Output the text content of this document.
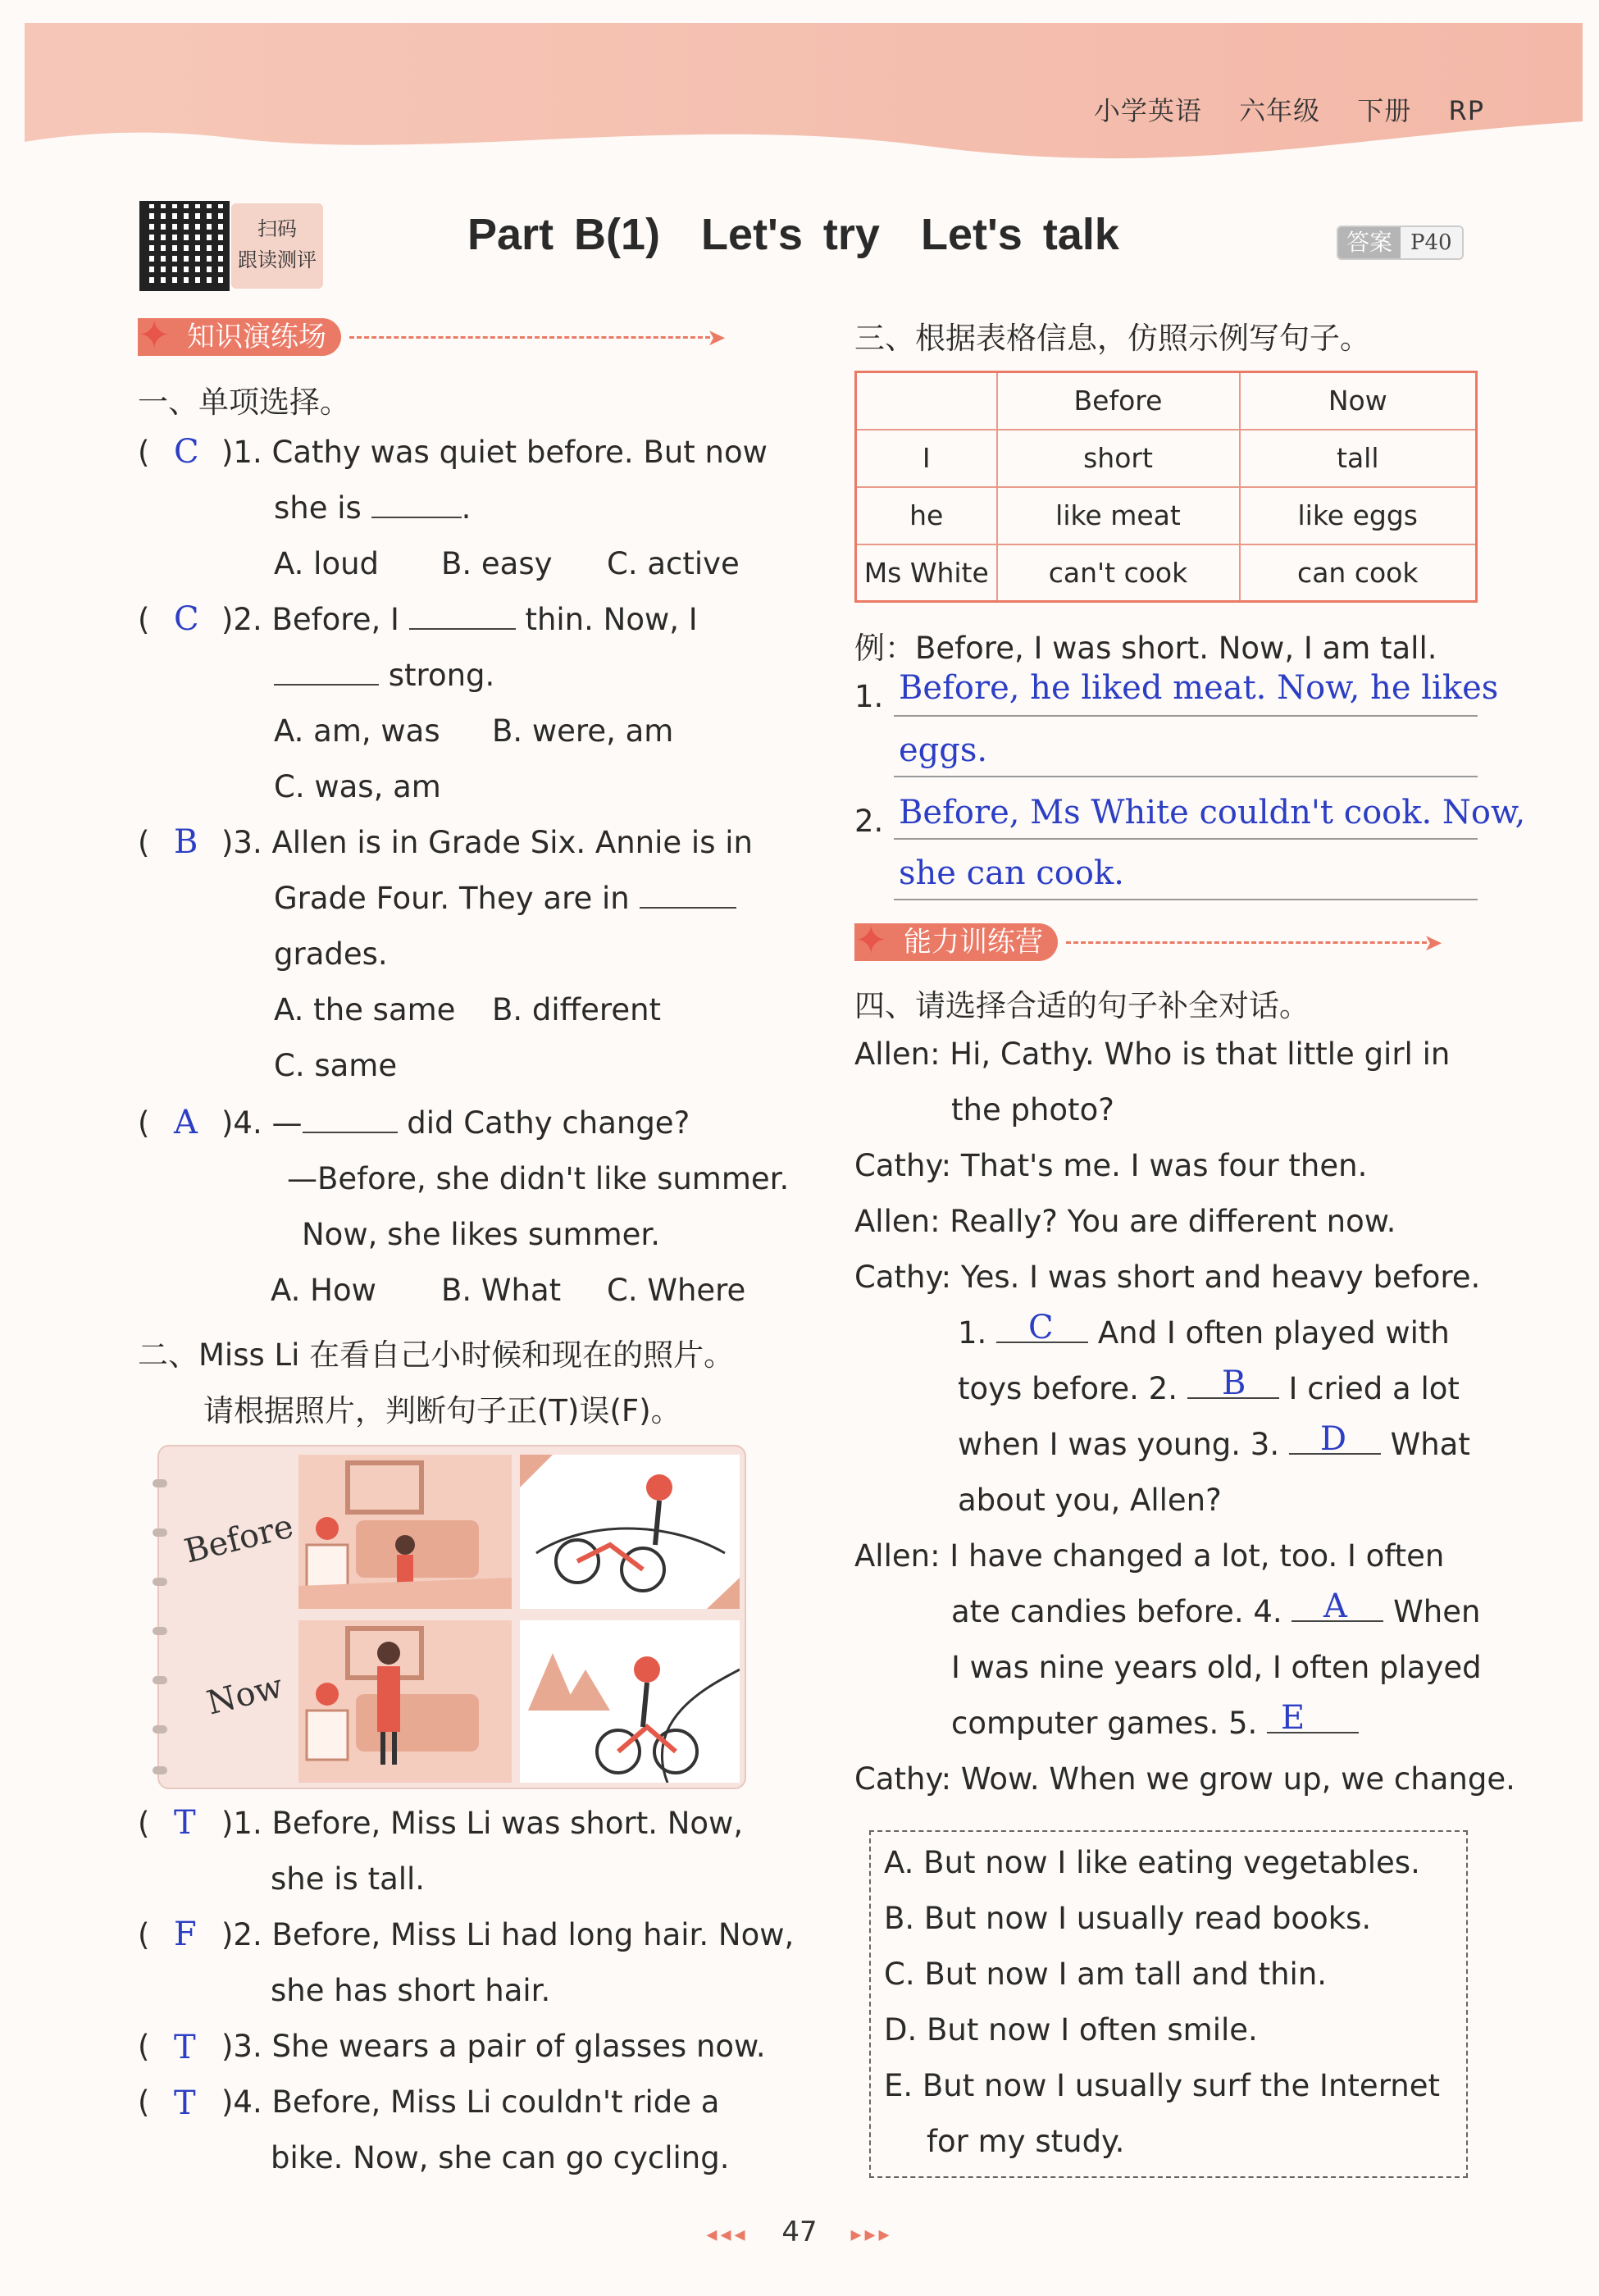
小学英语 六年级 下册 RP
扫码
跟读测评
Part B(1) Let's try Let's talk	答案 P40
✦ 知识演练场	➤
一、单项选择。
( C )1. Cathy was quiet before. But now
she is	.
A. loud B. easy C. active
( C )2. Before, I	thin. Now, I
strong.
A. am, was B. were, am
C. was, am
( B )3. Allen is in Grade Six. Annie is in
Grade Four. They are in
grades.
A. the same B. different
C. same
( A )4. —	did Cathy change?
—Before, she didn't like summer.
Now, she likes summer.
A. How B. What C. Where
二、Miss Li 在看自己小时候和现在的照片。
请根据照片，判断句子正(T)误(F)。
Before
Now
( T )1. Before, Miss Li was short. Now,
she is tall.
( F )2. Before, Miss Li had long hair. Now,
she has short hair.
( T )3. She wears a pair of glasses now.
( T )4. Before, Miss Li couldn't ride a
bike. Now, she can go cycling.
三、根据表格信息，仿照示例写句子。
	Before	Now
I	short	tall
he	like meat	like eggs
Ms White	can't cook	can cook
例：Before, I was short. Now, I am tall.
1. Before, he liked meat. Now, he likes
eggs.
2. Before, Ms White couldn't cook. Now,
she can cook.
✦ 能力训练营	➤
四、请选择合适的句子补全对话。
Allen: Hi, Cathy. Who is that little girl in
the photo?
Cathy: That's me. I was four then.
Allen: Really? You are different now.
Cathy: Yes. I was short and heavy before.
1.	And I often played with
C
toys before. 2.	I cried a lot
B
when I was young. 3.	What
D
about you, Allen?
Allen: I have changed a lot, too. I often
ate candies before. 4.	When
A
I was nine years old, I often played
computer games. 5. E
Cathy: Wow. When we grow up, we change.
A. But now I like eating vegetables.
B. But now I usually read books.
C. But now I am tall and thin.
D. But now I often smile.
E. But now I usually surf the Internet
for my study.
◂◂◂ 47 ▸▸▸
